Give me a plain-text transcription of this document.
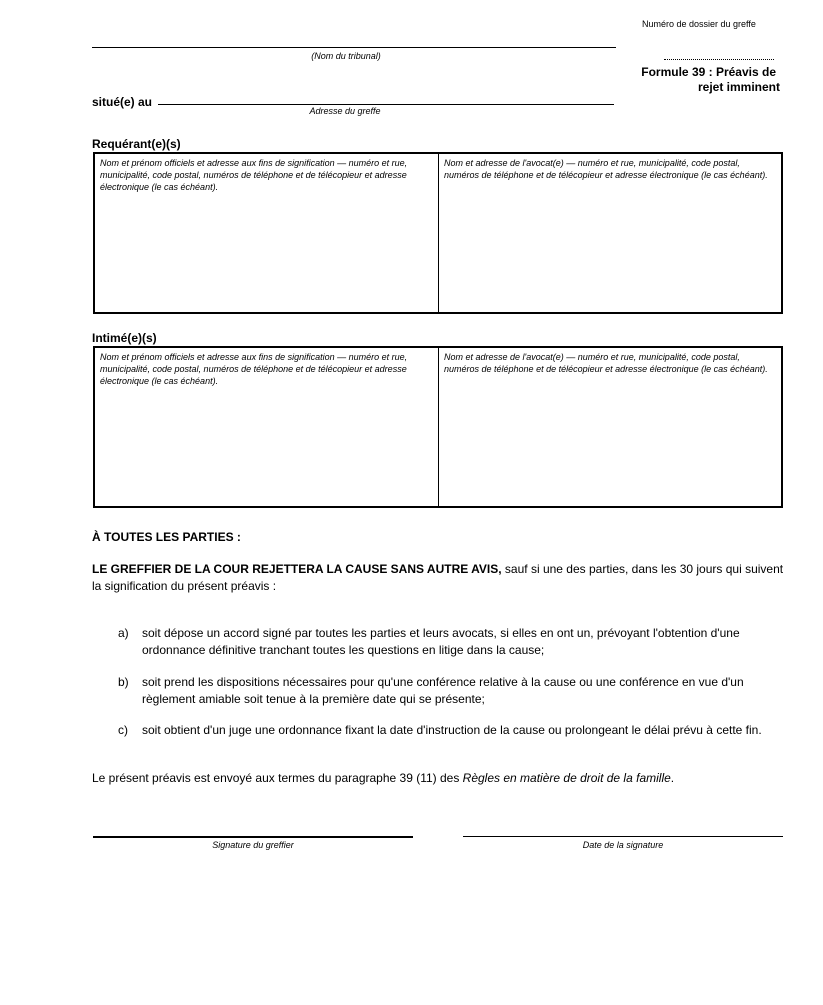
Numéro de dossier du greffe
(Nom du tribunal)
Formule 39 : Préavis de
rejet imminent
situé(e) au
Adresse du greffe
Requérant(e)(s)
Nom et prénom officiels et adresse aux fins de signification — numéro et rue, municipalité, code postal, numéros de téléphone et de télécopieur et adresse électronique (le cas échéant).
Nom et adresse de l'avocat(e) — numéro et rue, municipalité, code postal, numéros de téléphone et de télécopieur et adresse électronique (le cas échéant).
Intimé(e)(s)
Nom et prénom officiels et adresse aux fins de signification — numéro et rue, municipalité, code postal, numéros de téléphone et de télécopieur et adresse électronique (le cas échéant).
Nom et adresse de l'avocat(e) — numéro et rue, municipalité, code postal, numéros de téléphone et de télécopieur et adresse électronique (le cas échéant).
À TOUTES LES PARTIES :
LE GREFFIER DE LA COUR REJETTERA LA CAUSE SANS AUTRE AVIS, sauf si une des parties, dans les 30 jours qui suivent la signification du présent préavis :
a)	soit dépose un accord signé par toutes les parties et leurs avocats, si elles en ont un, prévoyant l'obtention d'une ordonnance définitive tranchant toutes les questions en litige dans la cause;
b)	soit prend les dispositions nécessaires pour qu'une conférence relative à la cause ou une conférence en vue d'un règlement amiable soit tenue à la première date qui se présente;
c)	soit obtient d'un juge une ordonnance fixant la date d'instruction de la cause ou prolongeant le délai prévu à cette fin.
Le présent préavis est envoyé aux termes du paragraphe 39 (11) des Règles en matière de droit de la famille.
Signature du greffier	Date de la signature
